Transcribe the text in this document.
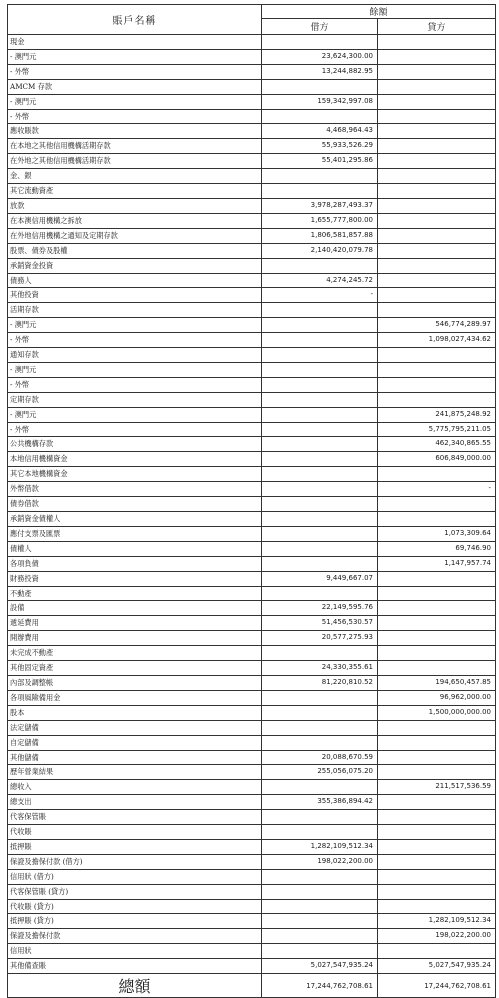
賬戶名稱	餘額	
	借方	貸方
現金		
- 澳門元	23,624,300.00	
- 外幣	13,244,882.95	
AMCM 存款		
- 澳門元	159,342,997.08	
- 外幣		
應收賬款	4,468,964.43	
在本地之其他信用機構活期存款	55,933,526.29	
在外地之其他信用機構活期存款	55,401,295.86	
金、銀		
其它流動資產		
放款	3,978,287,493.37	
在本澳信用機構之拆放	1,655,777,800.00	
在外地信用機構之通知及定期存款	1,806,581,857.88	
股票、債券及股權	2,140,420,079.78	
承銷資金投資		
債務人	4,274,245.72	
其他投資	-	
活期存款		
- 澳門元		546,774,289.97
- 外幣		1,098,027,434.62
通知存款		
- 澳門元		
- 外幣		
定期存款		
- 澳門元		241,875,248.92
- 外幣		5,775,795,211.05
公共機構存款		462,340,865.55
本地信用機構資金		606,849,000.00
其它本地機構資金		
外幣借款		-
債券借款		
承銷資金債權人		
應付支票及匯票		1,073,309.64
債權人		69,746.90
各項負債		1,147,957.74
財務投資	9,449,667.07	
不動產		
設備	22,149,595.76	
遞延費用	51,456,530.57	
開辦費用	20,577,275.93	
未完成不動產		
其他固定資產	24,330,355.61	
內部及調整帳	81,220,810.52	194,650,457.85
各項風險備用金		96,962,000.00
股本		1,500,000,000.00
法定儲備		
自定儲備		
其他儲備	20,088,670.59	
歷年營業結果	255,056,075.20	
總收入		211,517,536.59
總支出	355,386,894.42	
代客保管賬		
代收賬		
抵押賬	1,282,109,512.34	
保證及擔保付款 (借方)	198,022,200.00	
信用狀 (借方)		
代客保管賬 (貸方)		
代收賬 (貸方)		
抵押賬 (貸方)		1,282,109,512.34
保證及擔保付款		198,022,200.00
信用狀		
其他備查賬	5,027,547,935.24	5,027,547,935.24
總額	17,244,762,708.61	17,244,762,708.61
